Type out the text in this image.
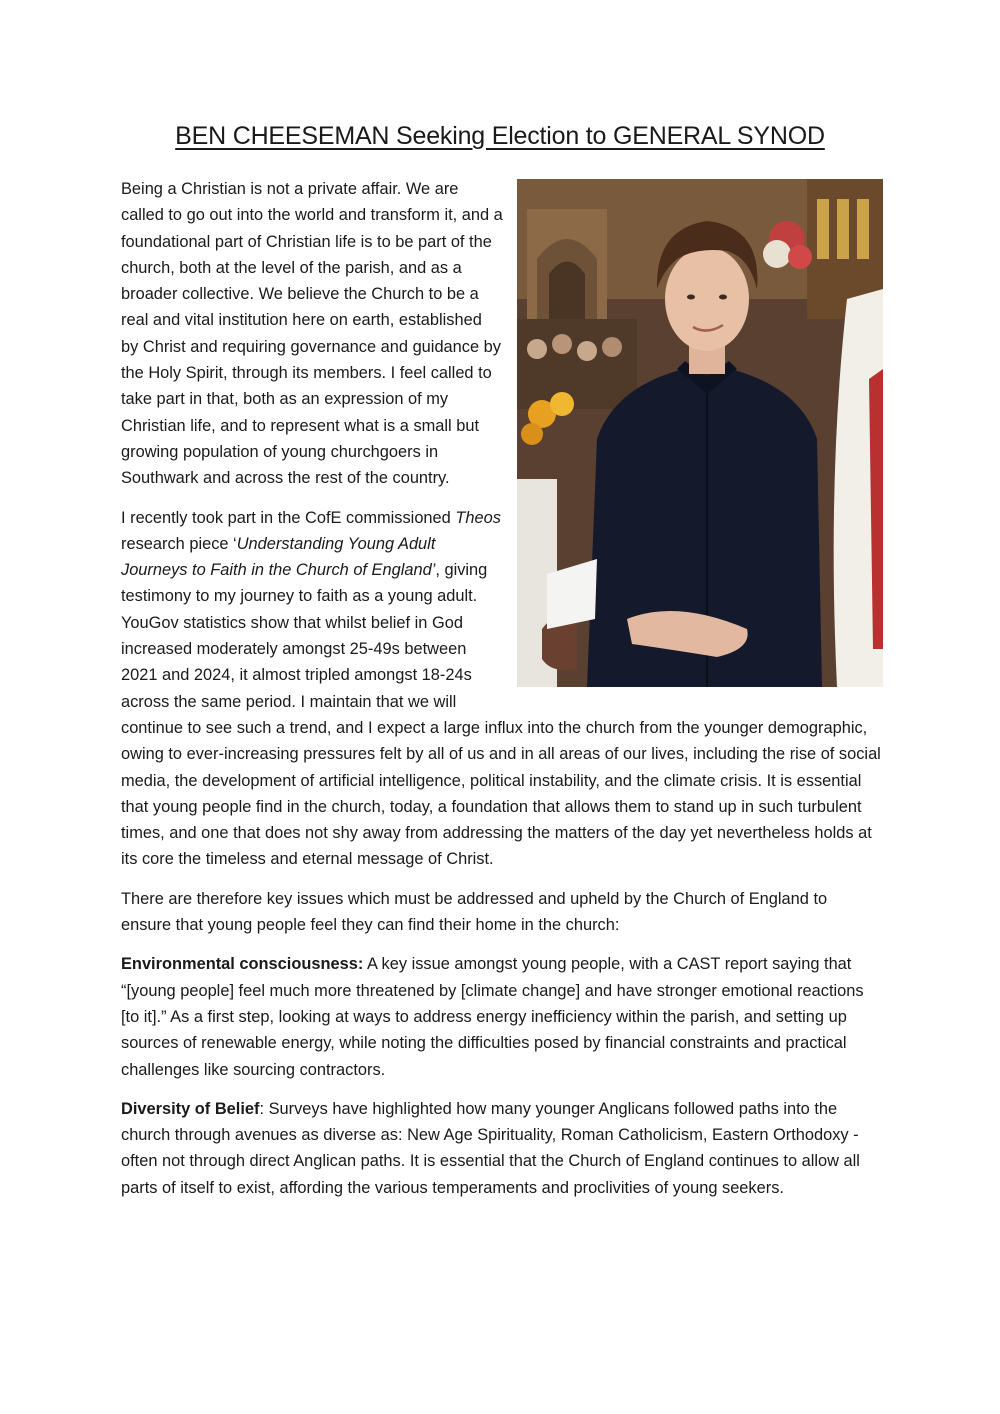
BEN CHEESEMAN Seeking Election to GENERAL SYNOD

Being a Christian is not a private affair. We are called to go out into the world and transform it, and a foundational part of Christian life is to be part of the church, both at the level of the parish, and as a broader collective. We believe the Church to be a real and vital institution here on earth, established by Christ and requiring governance and guidance by the Holy Spirit, through its members. I feel called to take part in that, both as an expression of my Christian life, and to represent what is a small but growing population of young churchgoers in Southwark and across the rest of the country.

I recently took part in the CofE commissioned Theos research piece ‘Understanding Young Adult Journeys to Faith in the Church of England’, giving testimony to my journey to faith as a young adult. YouGov statistics show that whilst belief in God increased moderately amongst 25-49s between 2021 and 2024, it almost tripled amongst 18-24s across the same period. I maintain that we will continue to see such a trend, and I expect a large influx into the church from the younger demographic, owing to ever-increasing pressures felt by all of us and in all areas of our lives, including the rise of social media, the development of artificial intelligence, political instability, and the climate crisis. It is essential that young people find in the church, today, a foundation that allows them to stand up in such turbulent times, and one that does not shy away from addressing the matters of the day yet nevertheless holds at its core the timeless and eternal message of Christ.

There are therefore key issues which must be addressed and upheld by the Church of England to ensure that young people feel they can find their home in the church:

Environmental consciousness: A key issue amongst young people, with a CAST report saying that “[young people] feel much more threatened by [climate change] and have stronger emotional reactions [to it].” As a first step, looking at ways to address energy inefficiency within the parish, and setting up sources of renewable energy, while noting the difficulties posed by financial constraints and practical challenges like sourcing contractors.

Diversity of Belief: Surveys have highlighted how many younger Anglicans followed paths into the church through avenues as diverse as: New Age Spirituality, Roman Catholicism, Eastern Orthodoxy - often not through direct Anglican paths. It is essential that the Church of England continues to allow all parts of itself to exist, affording the various temperaments and proclivities of young seekers.
